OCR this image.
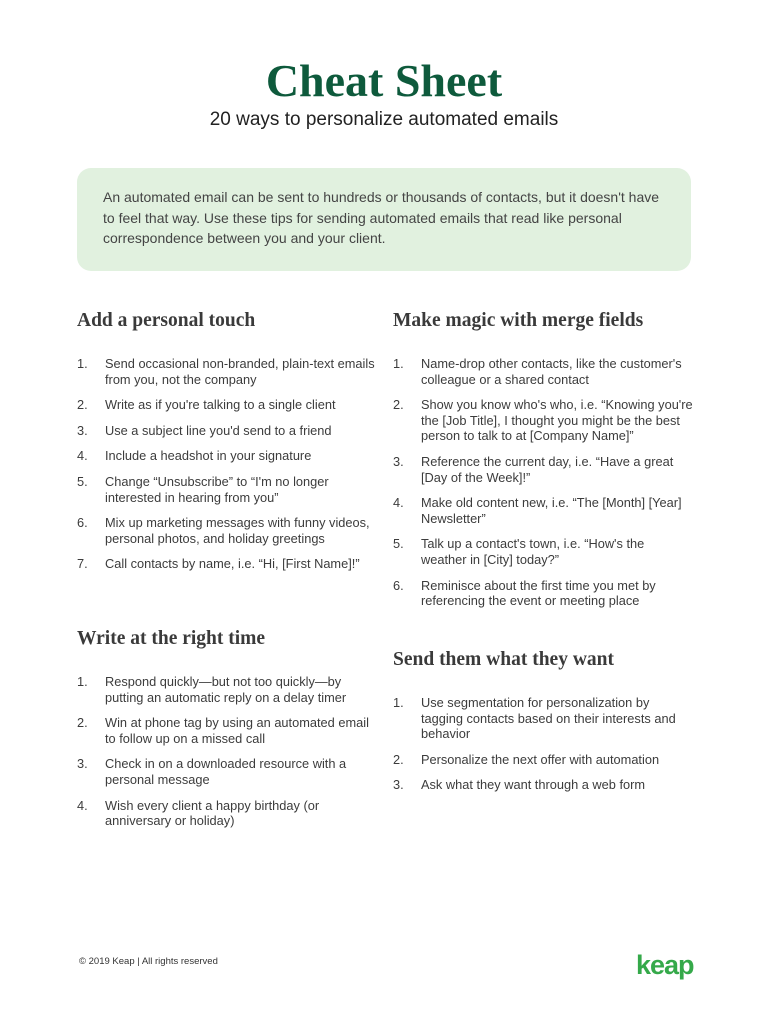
Cheat Sheet

20 ways to personalize automated emails

An automated email can be sent to hundreds or thousands of contacts, but it doesn't have to feel that way. Use these tips for sending automated emails that read like personal correspondence between you and your client.
Add a personal touch
1. Send occasional non-branded, plain-text emails from you, not the company
2. Write as if you're talking to a single client
3. Use a subject line you'd send to a friend
4. Include a headshot in your signature
5. Change “Unsubscribe” to “I'm no longer interested in hearing from you”
6. Mix up marketing messages with funny videos, personal photos, and holiday greetings
7. Call contacts by name, i.e. “Hi, [First Name]!”
Make magic with merge fields
1. Name-drop other contacts, like the customer's colleague or a shared contact
2. Show you know who's who, i.e. “Knowing you're the [Job Title], I thought you might be the best person to talk to at [Company Name]”
3. Reference the current day, i.e. “Have a great [Day of the Week]!”
4. Make old content new, i.e. “The [Month] [Year] Newsletter”
5. Talk up a contact's town, i.e. “How's the weather in [City] today?”
6. Reminisce about the first time you met by referencing the event or meeting place
Write at the right time
1. Respond quickly—but not too quickly—by putting an automatic reply on a delay timer
2. Win at phone tag by using an automated email to follow up on a missed call
3. Check in on a downloaded resource with a personal message
4. Wish every client a happy birthday (or anniversary or holiday)
Send them what they want
1. Use segmentation for personalization by tagging contacts based on their interests and behavior
2. Personalize the next offer with automation
3. Ask what they want through a web form
© 2019 Keap | All rights reserved	keap
